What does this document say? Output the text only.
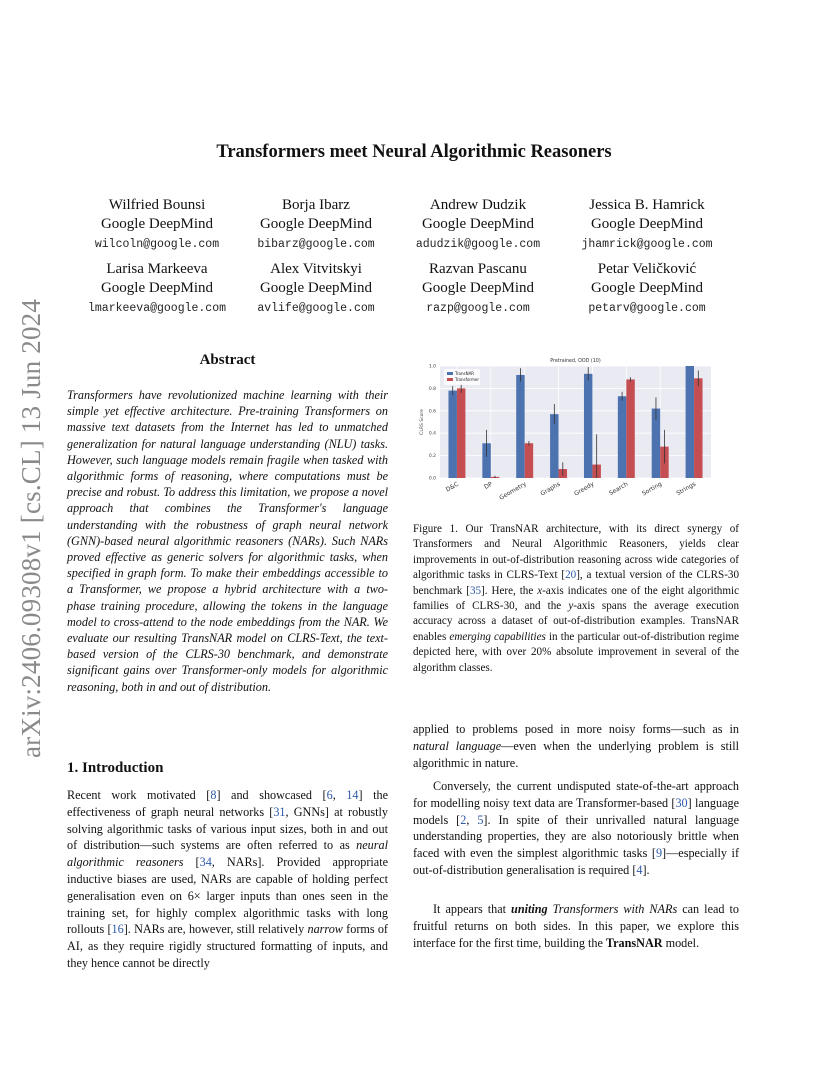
arXiv:2406.09308v1 [cs.CL] 13 Jun 2024
Transformers meet Neural Algorithmic Reasoners
Wilfried Bounsi
Google DeepMind
wilcoln@google.com
Borja Ibarz
Google DeepMind
bibarz@google.com
Andrew Dudzik
Google DeepMind
adudzik@google.com
Jessica B. Hamrick
Google DeepMind
jhamrick@google.com
Larisa Markeeva
Google DeepMind
lmarkeeva@google.com
Alex Vitvitskyi
Google DeepMind
avlife@google.com
Razvan Pascanu
Google DeepMind
razp@google.com
Petar Veličković
Google DeepMind
petarv@google.com
Abstract
Transformers have revolutionized machine learning with their simple yet effective architecture. Pre-training Transformers on massive text datasets from the Internet has led to unmatched generalization for natural language understanding (NLU) tasks. However, such language models remain fragile when tasked with algorithmic forms of reasoning, where computations must be precise and robust. To address this limitation, we propose a novel approach that combines the Transformer's language understanding with the robustness of graph neural network (GNN)-based neural algorithmic reasoners (NARs). Such NARs proved effective as generic solvers for algorithmic tasks, when specified in graph form. To make their embeddings accessible to a Transformer, we propose a hybrid architecture with a two-phase training procedure, allowing the tokens in the language model to cross-attend to the node embeddings from the NAR. We evaluate our resulting TransNAR model on CLRS-Text, the text-based version of the CLRS-30 benchmark, and demonstrate significant gains over Transformer-only models for algorithmic reasoning, both in and out of distribution.
1. Introduction
Recent work motivated [8] and showcased [6, 14] the effectiveness of graph neural networks [31, GNNs] at robustly solving algorithmic tasks of various input sizes, both in and out of distribution—such systems are often referred to as neural algorithmic reasoners [34, NARs]. Provided appropriate inductive biases are used, NARs are capable of holding perfect generalisation even on 6× larger inputs than ones seen in the training set, for highly complex algorithmic tasks with long rollouts [16]. NARs are, however, still relatively narrow forms of AI, as they require rigidly structured formatting of inputs, and they hence cannot be directly
0.0
0.2
0.4
0.6
0.8
1.0
D&C	DP Geometry Graphs Greedy Search Sorting Strings
Pretrained, OOD (10)
CLRS Score
TransNAR
Transformer
Figure 1. Our TransNAR architecture, with its direct synergy of Transformers and Neural Algorithmic Reasoners, yields clear improvements in out-of-distribution reasoning across wide categories of algorithmic tasks in CLRS-Text [20], a textual version of the CLRS-30 benchmark [35]. Here, the x-axis indicates one of the eight algorithmic families of CLRS-30, and the y-axis spans the average execution accuracy across a dataset of out-of-distribution examples. TransNAR enables emerging capabilities in the particular out-of-distribution regime depicted here, with over 20% absolute improvement in several of the algorithm classes.
applied to problems posed in more noisy forms—such as in natural language—even when the underlying problem is still algorithmic in nature.
Conversely, the current undisputed state-of-the-art approach for modelling noisy text data are Transformer-based [30] language models [2, 5]. In spite of their unrivalled natural language understanding properties, they are also notoriously brittle when faced with even the simplest algorithmic tasks [9]—especially if out-of-distribution generalisation is required [4].
It appears that uniting Transformers with NARs can lead to fruitful returns on both sides. In this paper, we explore this interface for the first time, building the TransNAR model.
